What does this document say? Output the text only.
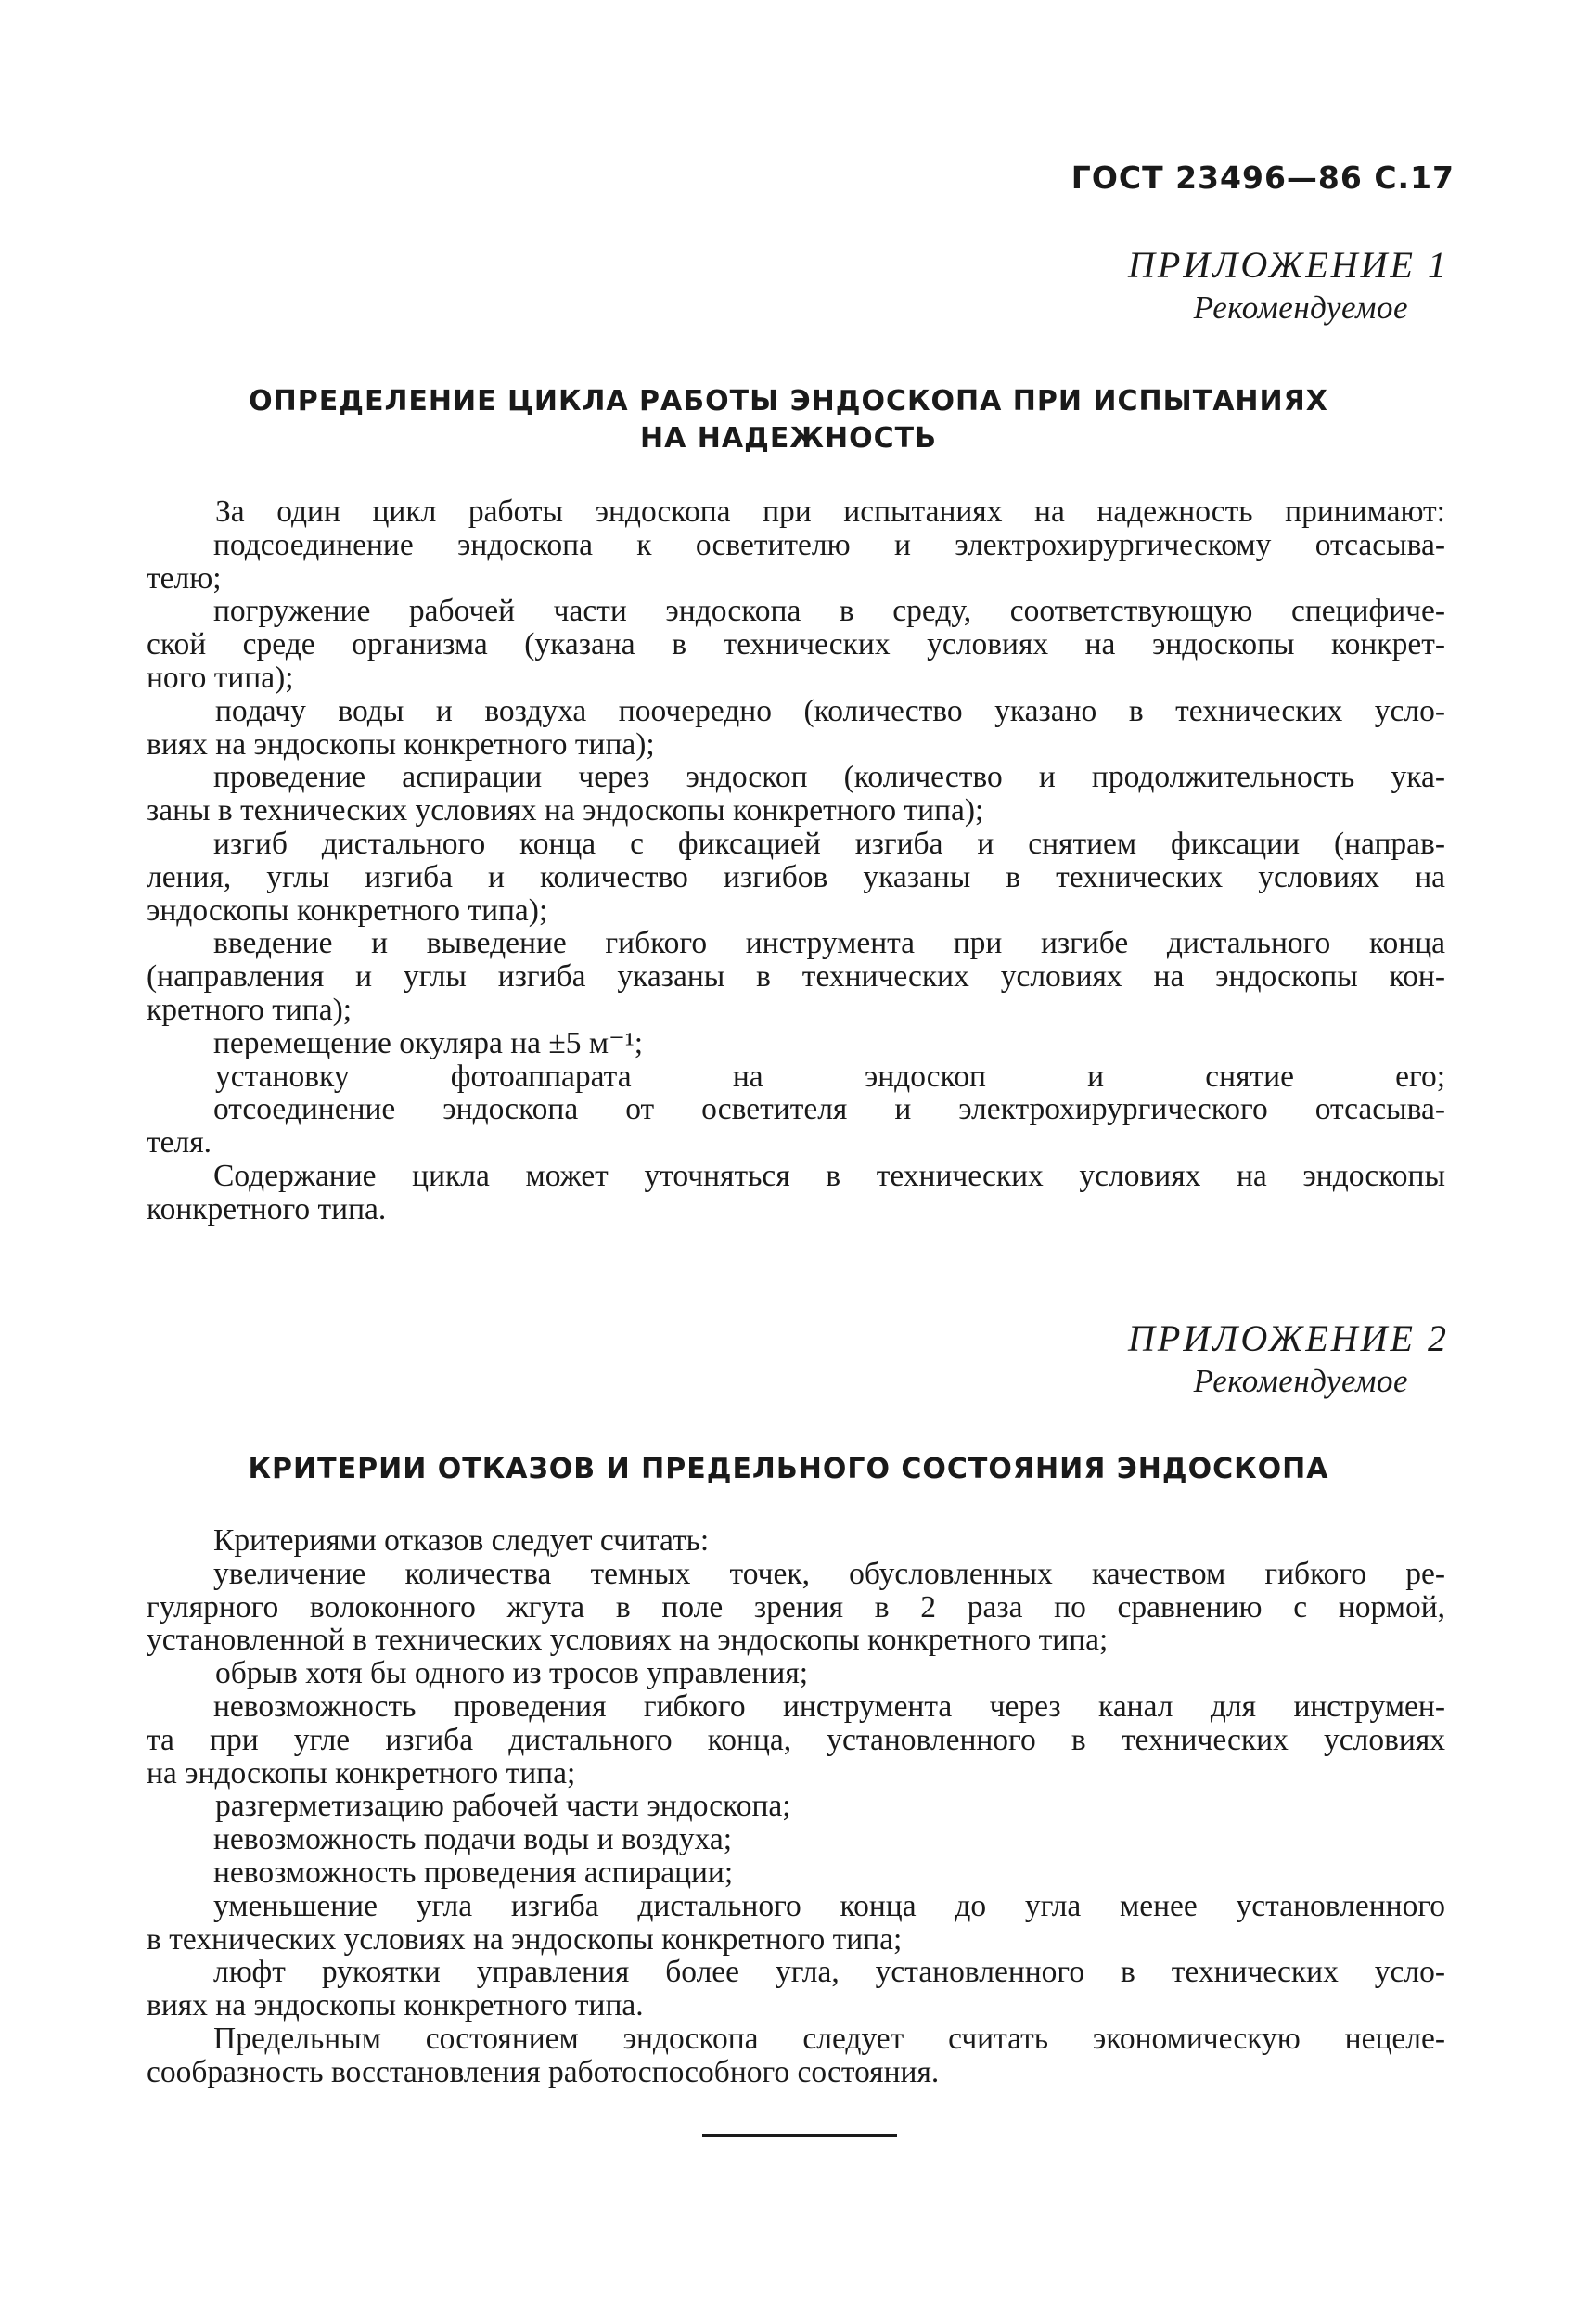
ГОСТ 23496—86 С.17
ПРИЛОЖЕНИЕ 1
Рекомендуемое
ОПРЕДЕЛЕНИЕ ЦИКЛА РАБОТЫ ЭНДОСКОПА ПРИ ИСПЫТАНИЯХ
НА НАДЕЖНОСТЬ
За один цикл работы эндоскопа при испытаниях на надежность принимают:
подсоединение эндоскопа к осветителю и электрохирургическому отсасыва-
телю;
погружение рабочей части эндоскопа в среду, соответствующую специфиче-
ской среде организма (указана в технических условиях на эндоскопы конкрет-
ного типа);
подачу воды и воздуха поочередно (количество указано в технических усло-
виях на эндоскопы конкретного типа);
проведение аспирации через эндоскоп (количество и продолжительность ука-
заны в технических условиях на эндоскопы конкретного типа);
изгиб дистального конца с фиксацией изгиба и снятием фиксации (направ-
ления, углы изгиба и количество изгибов указаны в технических условиях на
эндоскопы конкретного типа);
введение и выведение гибкого инструмента при изгибе дистального конца
(направления и углы изгиба указаны в технических условиях на эндоскопы кон-
кретного типа);
перемещение окуляра на ±5 м⁻¹;
установку фотоаппарата на эндоскоп и снятие его;
отсоединение эндоскопа от осветителя и электрохирургического отсасыва-
теля.
Содержание цикла может уточняться в технических условиях на эндоскопы
конкретного типа.
ПРИЛОЖЕНИЕ 2
Рекомендуемое
КРИТЕРИИ ОТКАЗОВ И ПРЕДЕЛЬНОГО СОСТОЯНИЯ ЭНДОСКОПА
Критериями отказов следует считать:
увеличение количества темных точек, обусловленных качеством гибкого ре-
гулярного волоконного жгута в поле зрения в 2 раза по сравнению с нормой,
установленной в технических условиях на эндоскопы конкретного типа;
обрыв хотя бы одного из тросов управления;
невозможность проведения гибкого инструмента через канал для инструмен-
та при угле изгиба дистального конца, установленного в технических условиях
на эндоскопы конкретного типа;
разгерметизацию рабочей части эндоскопа;
невозможность подачи воды и воздуха;
невозможность проведения аспирации;
уменьшение угла изгиба дистального конца до угла менее установленного
в технических условиях на эндоскопы конкретного типа;
люфт рукоятки управления более угла, установленного в технических усло-
виях на эндоскопы конкретного типа.
Предельным состоянием эндоскопа следует считать экономическую нецеле-
сообразность восстановления работоспособного состояния.
